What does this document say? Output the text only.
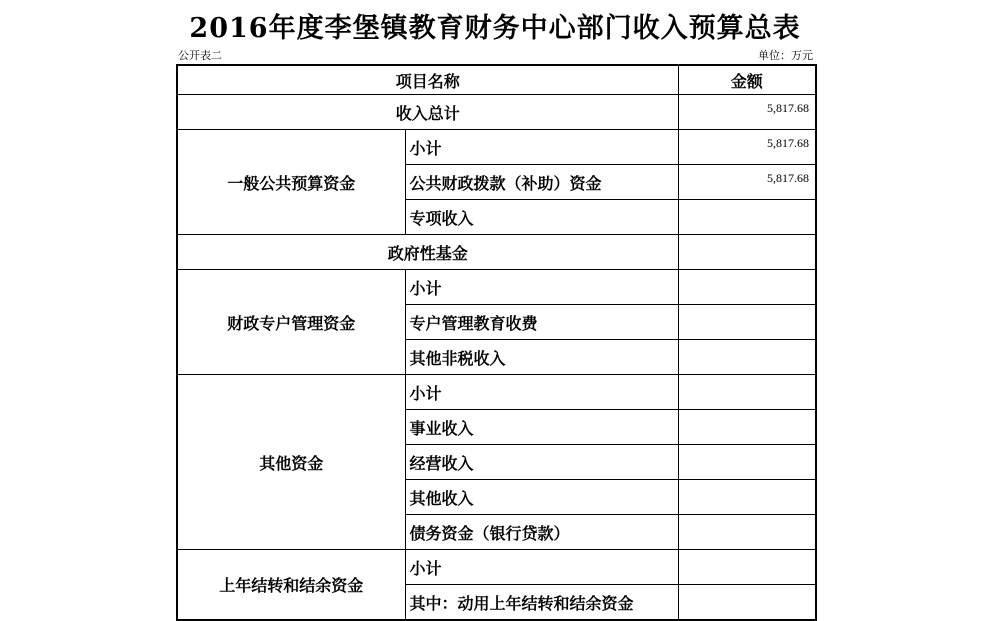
2016年度李堡镇教育财务中心部门收入预算总表
公开表二	单位：万元
项目名称		金额
收入总计		5,817.68
一般公共预算资金	小计	5,817.68
	公共财政拨款（补助）资金	5,817.68
	专项收入	
政府性基金		
财政专户管理资金	小计	
	专户管理教育收费	
	其他非税收入	
其他资金	小计	
	事业收入	
	经营收入	
	其他收入	
	债务资金（银行贷款）	
上年结转和结余资金	小计	
	其中：动用上年结转和结余资金	
